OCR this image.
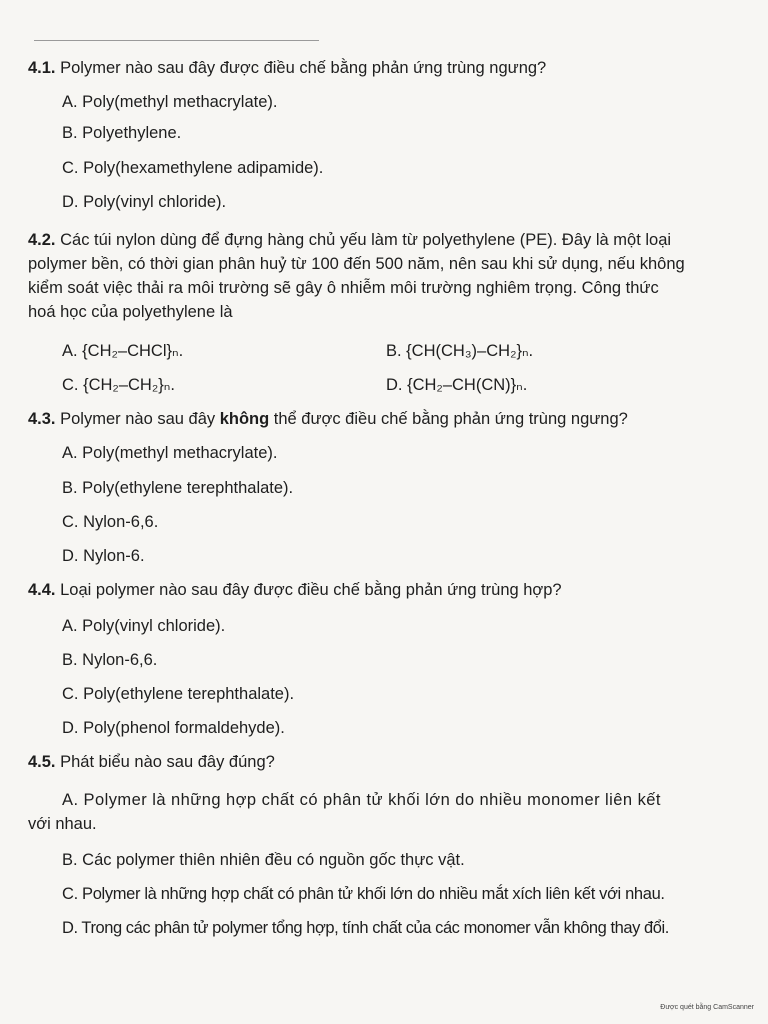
4.1. Polymer nào sau đây được điều chế bằng phản ứng trùng ngưng?
A. Poly(methyl methacrylate).
B. Polyethylene.
C. Poly(hexamethylene adipamide).
D. Poly(vinyl chloride).
4.2. Các túi nylon dùng để đựng hàng chủ yếu làm từ polyethylene (PE). Đây là một loại
polymer bền, có thời gian phân huỷ từ 100 đến 500 năm, nên sau khi sử dụng, nếu không
kiểm soát việc thải ra môi trường sẽ gây ô nhiễm môi trường nghiêm trọng. Công thức
hoá học của polyethylene là
A. {CH₂–CHCl}ₙ.	B. {CH(CH₃)–CH₂}ₙ.
C. {CH₂–CH₂}ₙ.	D. {CH₂–CH(CN)}ₙ.
4.3. Polymer nào sau đây không thể được điều chế bằng phản ứng trùng ngưng?
A. Poly(methyl methacrylate).
B. Poly(ethylene terephthalate).
C. Nylon-6,6.
D. Nylon-6.
4.4. Loại polymer nào sau đây được điều chế bằng phản ứng trùng hợp?
A. Poly(vinyl chloride).
B. Nylon-6,6.
C. Poly(ethylene terephthalate).
D. Poly(phenol formaldehyde).
4.5. Phát biểu nào sau đây đúng?
A. Polymer là những hợp chất có phân tử khối lớn do nhiều monomer liên kết
với nhau.
B. Các polymer thiên nhiên đều có nguồn gốc thực vật.
C. Polymer là những hợp chất có phân tử khối lớn do nhiều mắt xích liên kết với nhau.
D. Trong các phân tử polymer tổng hợp, tính chất của các monomer vẫn không thay đổi.
Được quét bằng CamScanner
